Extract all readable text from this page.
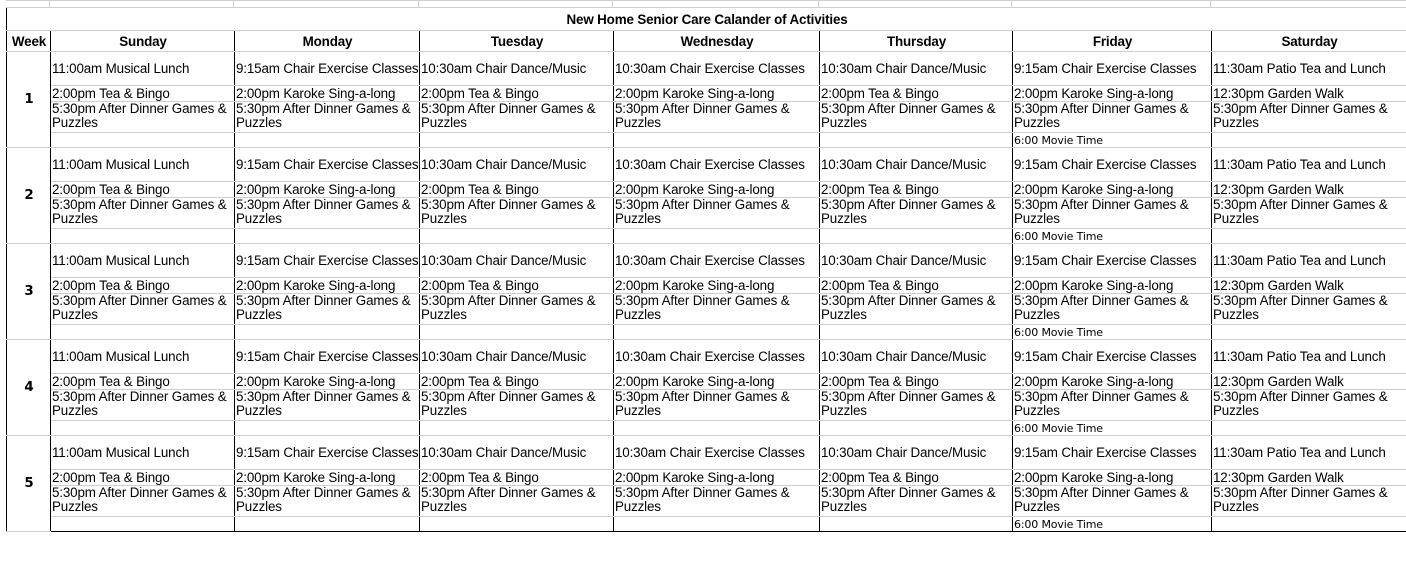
New Home Senior Care Calander of Activities							
Week	Sunday	Monday	Tuesday	Wednesday	Thursday	Friday	Saturday
1	11:00am Musical Lunch	9:15am Chair Exercise Classes	10:30am Chair Dance/Music	10:30am Chair Exercise Classes	10:30am Chair Dance/Music	9:15am Chair Exercise Classes	11:30am Patio Tea and Lunch
	2:00pm Tea & Bingo	2:00pm Karoke Sing-a-long	2:00pm Tea & Bingo	2:00pm Karoke Sing-a-long	2:00pm Tea & Bingo	2:00pm Karoke Sing-a-long	12:30pm Garden Walk
	5:30pm After Dinner Games & Puzzles	5:30pm After Dinner Games & Puzzles	5:30pm After Dinner Games & Puzzles	5:30pm After Dinner Games & Puzzles	5:30pm After Dinner Games & Puzzles	5:30pm After Dinner Games & Puzzles	5:30pm After Dinner Games & Puzzles
						6:00 Movie Time	
2	11:00am Musical Lunch	9:15am Chair Exercise Classes	10:30am Chair Dance/Music	10:30am Chair Exercise Classes	10:30am Chair Dance/Music	9:15am Chair Exercise Classes	11:30am Patio Tea and Lunch
	2:00pm Tea & Bingo	2:00pm Karoke Sing-a-long	2:00pm Tea & Bingo	2:00pm Karoke Sing-a-long	2:00pm Tea & Bingo	2:00pm Karoke Sing-a-long	12:30pm Garden Walk
	5:30pm After Dinner Games & Puzzles	5:30pm After Dinner Games & Puzzles	5:30pm After Dinner Games & Puzzles	5:30pm After Dinner Games & Puzzles	5:30pm After Dinner Games & Puzzles	5:30pm After Dinner Games & Puzzles	5:30pm After Dinner Games & Puzzles
						6:00 Movie Time	
3	11:00am Musical Lunch	9:15am Chair Exercise Classes	10:30am Chair Dance/Music	10:30am Chair Exercise Classes	10:30am Chair Dance/Music	9:15am Chair Exercise Classes	11:30am Patio Tea and Lunch
	2:00pm Tea & Bingo	2:00pm Karoke Sing-a-long	2:00pm Tea & Bingo	2:00pm Karoke Sing-a-long	2:00pm Tea & Bingo	2:00pm Karoke Sing-a-long	12:30pm Garden Walk
	5:30pm After Dinner Games & Puzzles	5:30pm After Dinner Games & Puzzles	5:30pm After Dinner Games & Puzzles	5:30pm After Dinner Games & Puzzles	5:30pm After Dinner Games & Puzzles	5:30pm After Dinner Games & Puzzles	5:30pm After Dinner Games & Puzzles
						6:00 Movie Time	
4	11:00am Musical Lunch	9:15am Chair Exercise Classes	10:30am Chair Dance/Music	10:30am Chair Exercise Classes	10:30am Chair Dance/Music	9:15am Chair Exercise Classes	11:30am Patio Tea and Lunch
	2:00pm Tea & Bingo	2:00pm Karoke Sing-a-long	2:00pm Tea & Bingo	2:00pm Karoke Sing-a-long	2:00pm Tea & Bingo	2:00pm Karoke Sing-a-long	12:30pm Garden Walk
	5:30pm After Dinner Games & Puzzles	5:30pm After Dinner Games & Puzzles	5:30pm After Dinner Games & Puzzles	5:30pm After Dinner Games & Puzzles	5:30pm After Dinner Games & Puzzles	5:30pm After Dinner Games & Puzzles	5:30pm After Dinner Games & Puzzles
						6:00 Movie Time	
5	11:00am Musical Lunch	9:15am Chair Exercise Classes	10:30am Chair Dance/Music	10:30am Chair Exercise Classes	10:30am Chair Dance/Music	9:15am Chair Exercise Classes	11:30am Patio Tea and Lunch
	2:00pm Tea & Bingo	2:00pm Karoke Sing-a-long	2:00pm Tea & Bingo	2:00pm Karoke Sing-a-long	2:00pm Tea & Bingo	2:00pm Karoke Sing-a-long	12:30pm Garden Walk
	5:30pm After Dinner Games & Puzzles	5:30pm After Dinner Games & Puzzles	5:30pm After Dinner Games & Puzzles	5:30pm After Dinner Games & Puzzles	5:30pm After Dinner Games & Puzzles	5:30pm After Dinner Games & Puzzles	5:30pm After Dinner Games & Puzzles
						6:00 Movie Time	
